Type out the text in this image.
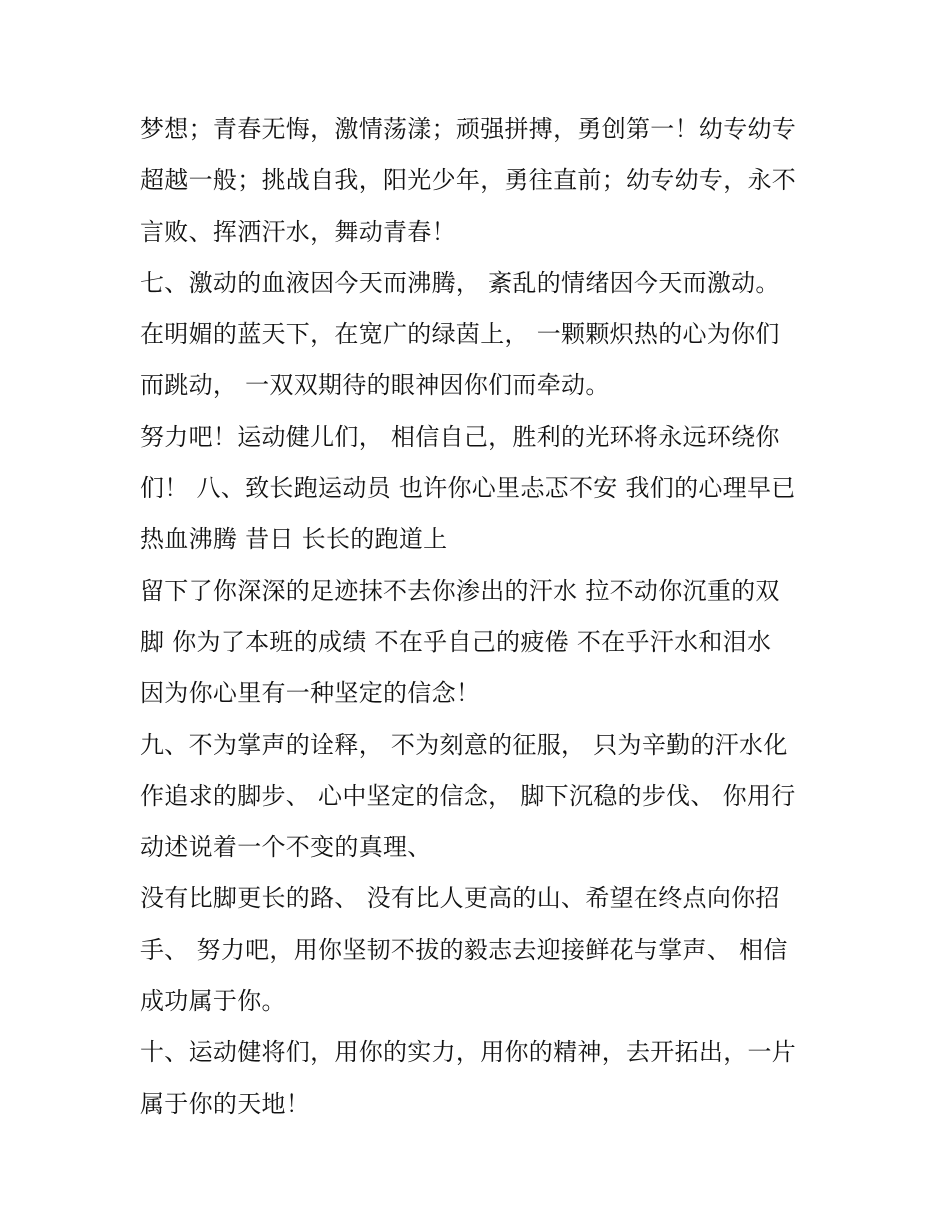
梦想；青春无悔，激情荡漾；顽强拼搏，勇创第一！幼专幼专
超越一般；挑战自我，阳光少年，勇往直前；幼专幼专，永不
言败、挥洒汗水，舞动青春！
七、激动的血液因今天而沸腾， 紊乱的情绪因今天而激动。
在明媚的蓝天下，在宽广的绿茵上， 一颗颗炽热的心为你们
而跳动， 一双双期待的眼神因你们而牵动。
努力吧！运动健儿们， 相信自己，胜利的光环将永远环绕你
们！ 八、致长跑运动员 也许你心里忐忑不安 我们的心理早已
热血沸腾 昔日 长长的跑道上
留下了你深深的足迹抹不去你渗出的汗水 拉不动你沉重的双
脚 你为了本班的成绩 不在乎自己的疲倦 不在乎汗水和泪水
因为你心里有一种坚定的信念！
九、不为掌声的诠释， 不为刻意的征服， 只为辛勤的汗水化
作追求的脚步、 心中坚定的信念， 脚下沉稳的步伐、 你用行
动述说着一个不变的真理、
没有比脚更长的路、 没有比人更高的山、希望在终点向你招
手、 努力吧，用你坚韧不拔的毅志去迎接鲜花与掌声、 相信
成功属于你。
十、运动健将们，用你的实力，用你的精神，去开拓出，一片
属于你的天地！
